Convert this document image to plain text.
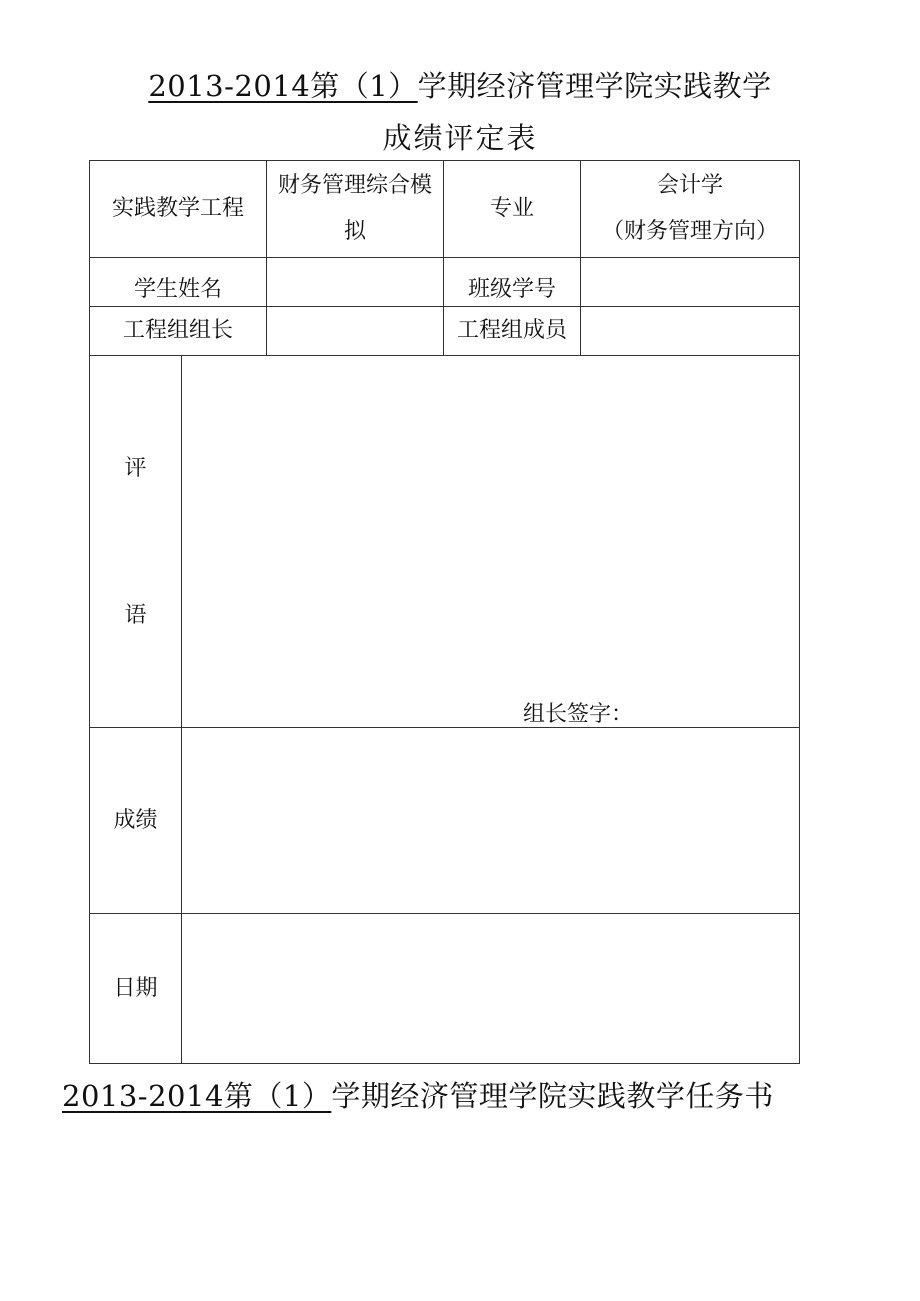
2013-2014第（1）学期经济管理学院实践教学
成绩评定表
实践教学工程
财务管理综合模
拟
专业
会计学
（财务管理方向）
学生姓名	班级学号
工程组组长	工程组成员
评
语
组长签字：
成绩
日期
2013-2014第（1）学期经济管理学院实践教学任务书
